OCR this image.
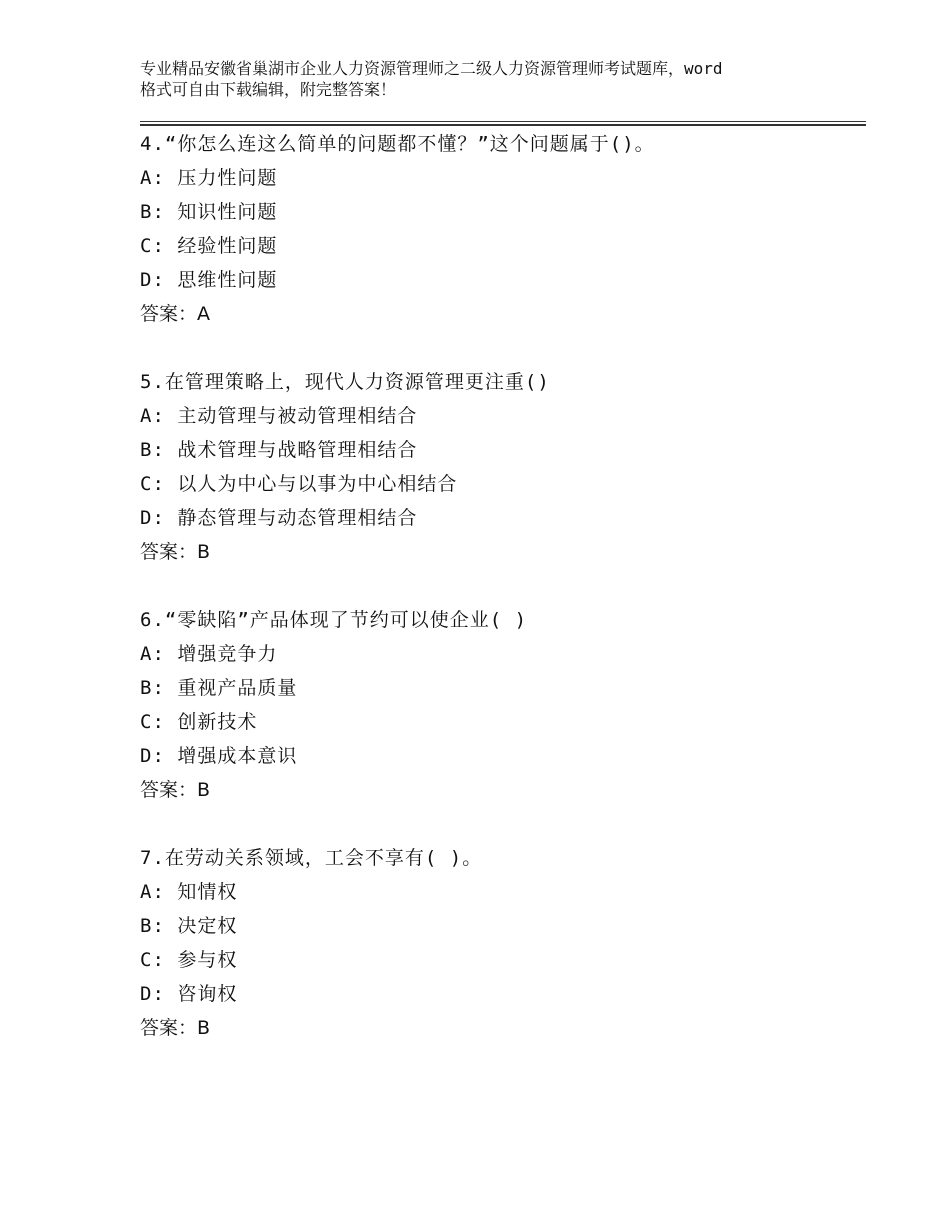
专业精品安徽省巢湖市企业人力资源管理师之二级人力资源管理师考试题库，word
格式可自由下载编辑，附完整答案！
4.“你怎么连这么简单的问题都不懂？”这个问题属于()。
A: 压力性问题
B: 知识性问题
C: 经验性问题
D: 思维性问题
答案：A
5.在管理策略上，现代人力资源管理更注重()
A: 主动管理与被动管理相结合
B: 战术管理与战略管理相结合
C: 以人为中心与以事为中心相结合
D: 静态管理与动态管理相结合
答案：B
6.“零缺陷”产品体现了节约可以使企业( )
A: 增强竞争力
B: 重视产品质量
C: 创新技术
D: 增强成本意识
答案：B
7.在劳动关系领域，工会不享有( )。
A: 知情权
B: 决定权
C: 参与权
D: 咨询权
答案：B
